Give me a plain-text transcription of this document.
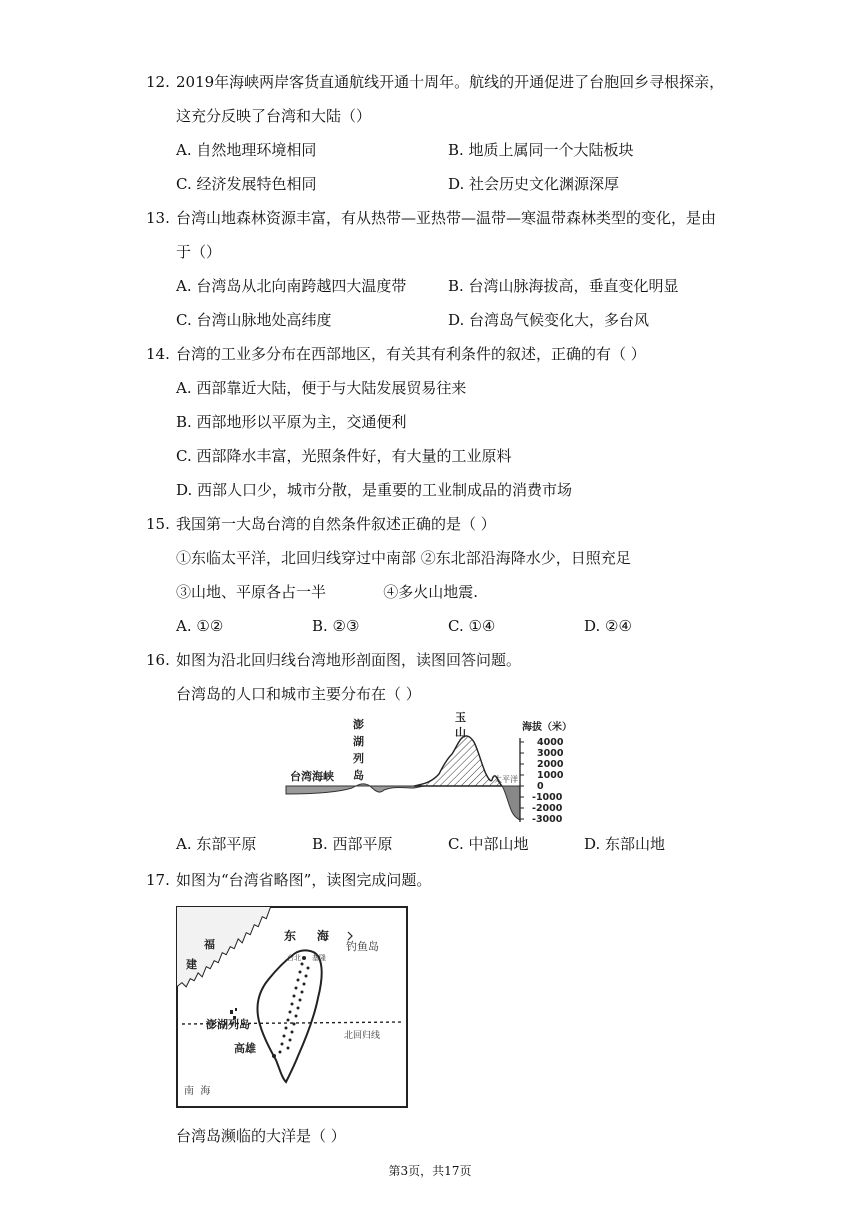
12. 2019年海峡两岸客货直通航线开通十周年。航线的开通促进了台胞回乡寻根探亲，
这充分反映了台湾和大陆（）
A. 自然地理环境相同	B. 地质上属同一个大陆板块
C. 经济发展特色相同	D. 社会历史文化渊源深厚
13. 台湾山地森林资源丰富，有从热带—亚热带—温带—寒温带森林类型的变化，是由
于（）
A. 台湾岛从北向南跨越四大温度带	B. 台湾山脉海拔高，垂直变化明显
C. 台湾山脉地处高纬度	D. 台湾岛气候变化大，多台风
14. 台湾的工业多分布在西部地区，有关其有利条件的叙述，正确的有（ ）
A. 西部靠近大陆，便于与大陆发展贸易往来
B. 西部地形以平原为主，交通便利
C. 西部降水丰富，光照条件好，有大量的工业原料
D. 西部人口少，城市分散，是重要的工业制成品的消费市场
15. 我国第一大岛台湾的自然条件叙述正确的是（ ）
①东临太平洋，北回归线穿过中南部 ②东北部沿海降水少，日照充足
③山地、平原各占一半            ④多火山地震.
A. ①②	B. ②③	C. ①④	D. ②④
16. 如图为沿北回归线台湾地形剖面图，读图回答问题。
台湾岛的人口和城市主要分布在（ ）
4000
3000
2000
1000
0
-1000
-2000
-3000
海拔（米）
澎
湖
列
岛
玉
山
台湾海峡	太平洋
A. 东部平原	B. 西部平原	C. 中部山地	D. 东部山地
17. 如图为“台湾省略图”，读图完成问题。
东     海
钓鱼岛
福
建
澎湖列岛
高雄
北回归线
南  海
台北 基隆
台湾岛濒临的大洋是（ ）
第3页，共17页
